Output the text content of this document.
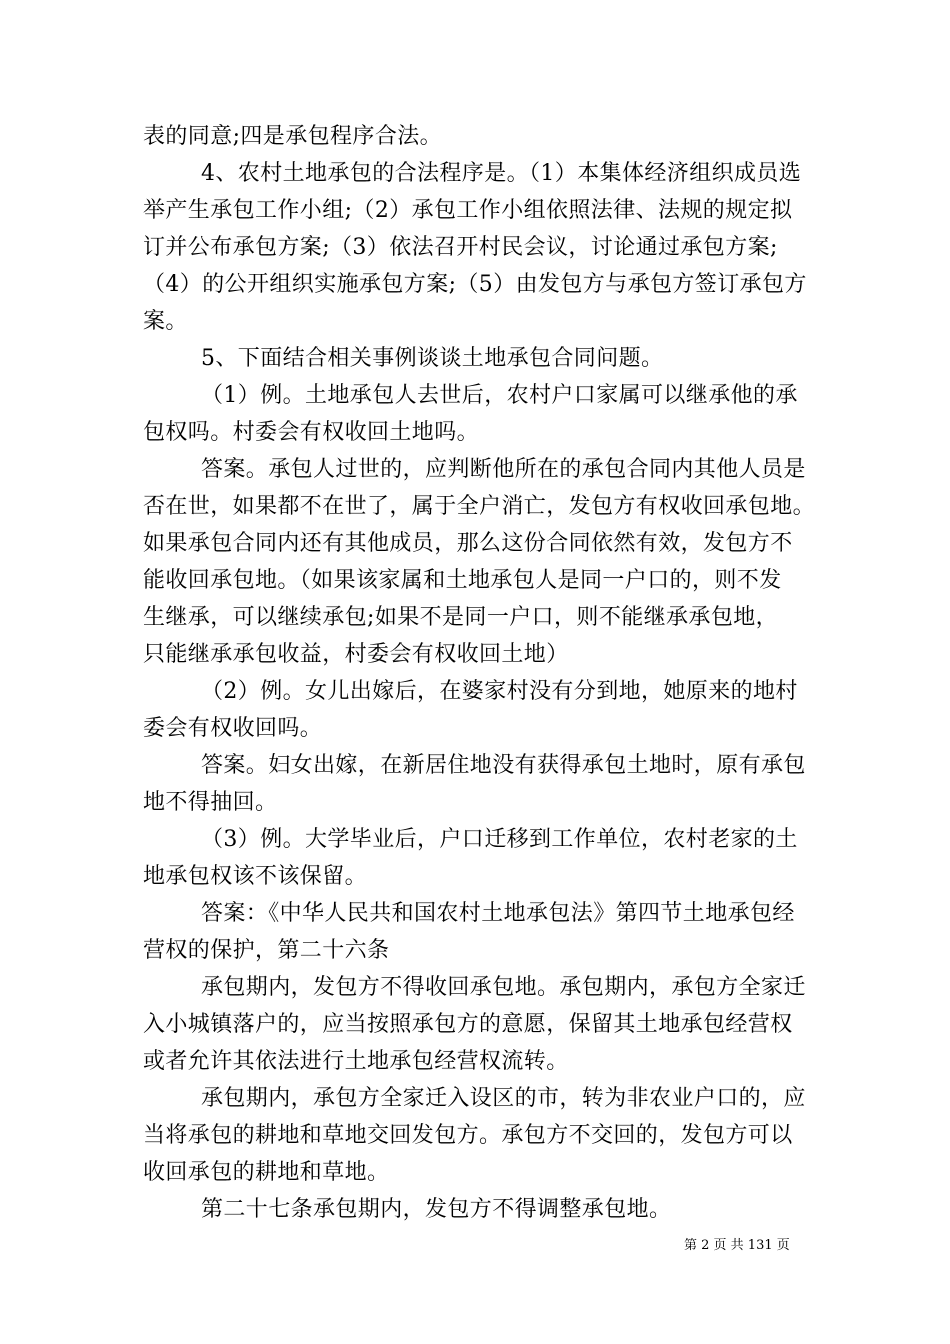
表的同意;四是承包程序合法。
4、农村土地承包的合法程序是。（1）本集体经济组织成员选
举产生承包工作小组;（2）承包工作小组依照法律、法规的规定拟
订并公布承包方案;（3）依法召开村民会议，讨论通过承包方案;
（4）的公开组织实施承包方案;（5）由发包方与承包方签订承包方
案。
5、下面结合相关事例谈谈土地承包合同问题。
（1）例。土地承包人去世后，农村户口家属可以继承他的承
包权吗。村委会有权收回土地吗。
答案。承包人过世的，应判断他所在的承包合同内其他人员是
否在世，如果都不在世了，属于全户消亡，发包方有权收回承包地。
如果承包合同内还有其他成员，那么这份合同依然有效，发包方不
能收回承包地。（如果该家属和土地承包人是同一户口的，则不发
生继承，可以继续承包;如果不是同一户口，则不能继承承包地，
只能继承承包收益，村委会有权收回土地）
（2）例。女儿出嫁后，在婆家村没有分到地，她原来的地村
委会有权收回吗。
答案。妇女出嫁，在新居住地没有获得承包土地时，原有承包
地不得抽回。
（3）例。大学毕业后，户口迁移到工作单位，农村老家的土
地承包权该不该保留。
答案：《中华人民共和国农村土地承包法》第四节土地承包经
营权的保护，第二十六条
承包期内，发包方不得收回承包地。承包期内，承包方全家迁
入小城镇落户的，应当按照承包方的意愿，保留其土地承包经营权
或者允许其依法进行土地承包经营权流转。
承包期内，承包方全家迁入设区的市，转为非农业户口的，应
当将承包的耕地和草地交回发包方。承包方不交回的，发包方可以
收回承包的耕地和草地。
第二十七条承包期内，发包方不得调整承包地。
第 2 页 共 131 页
